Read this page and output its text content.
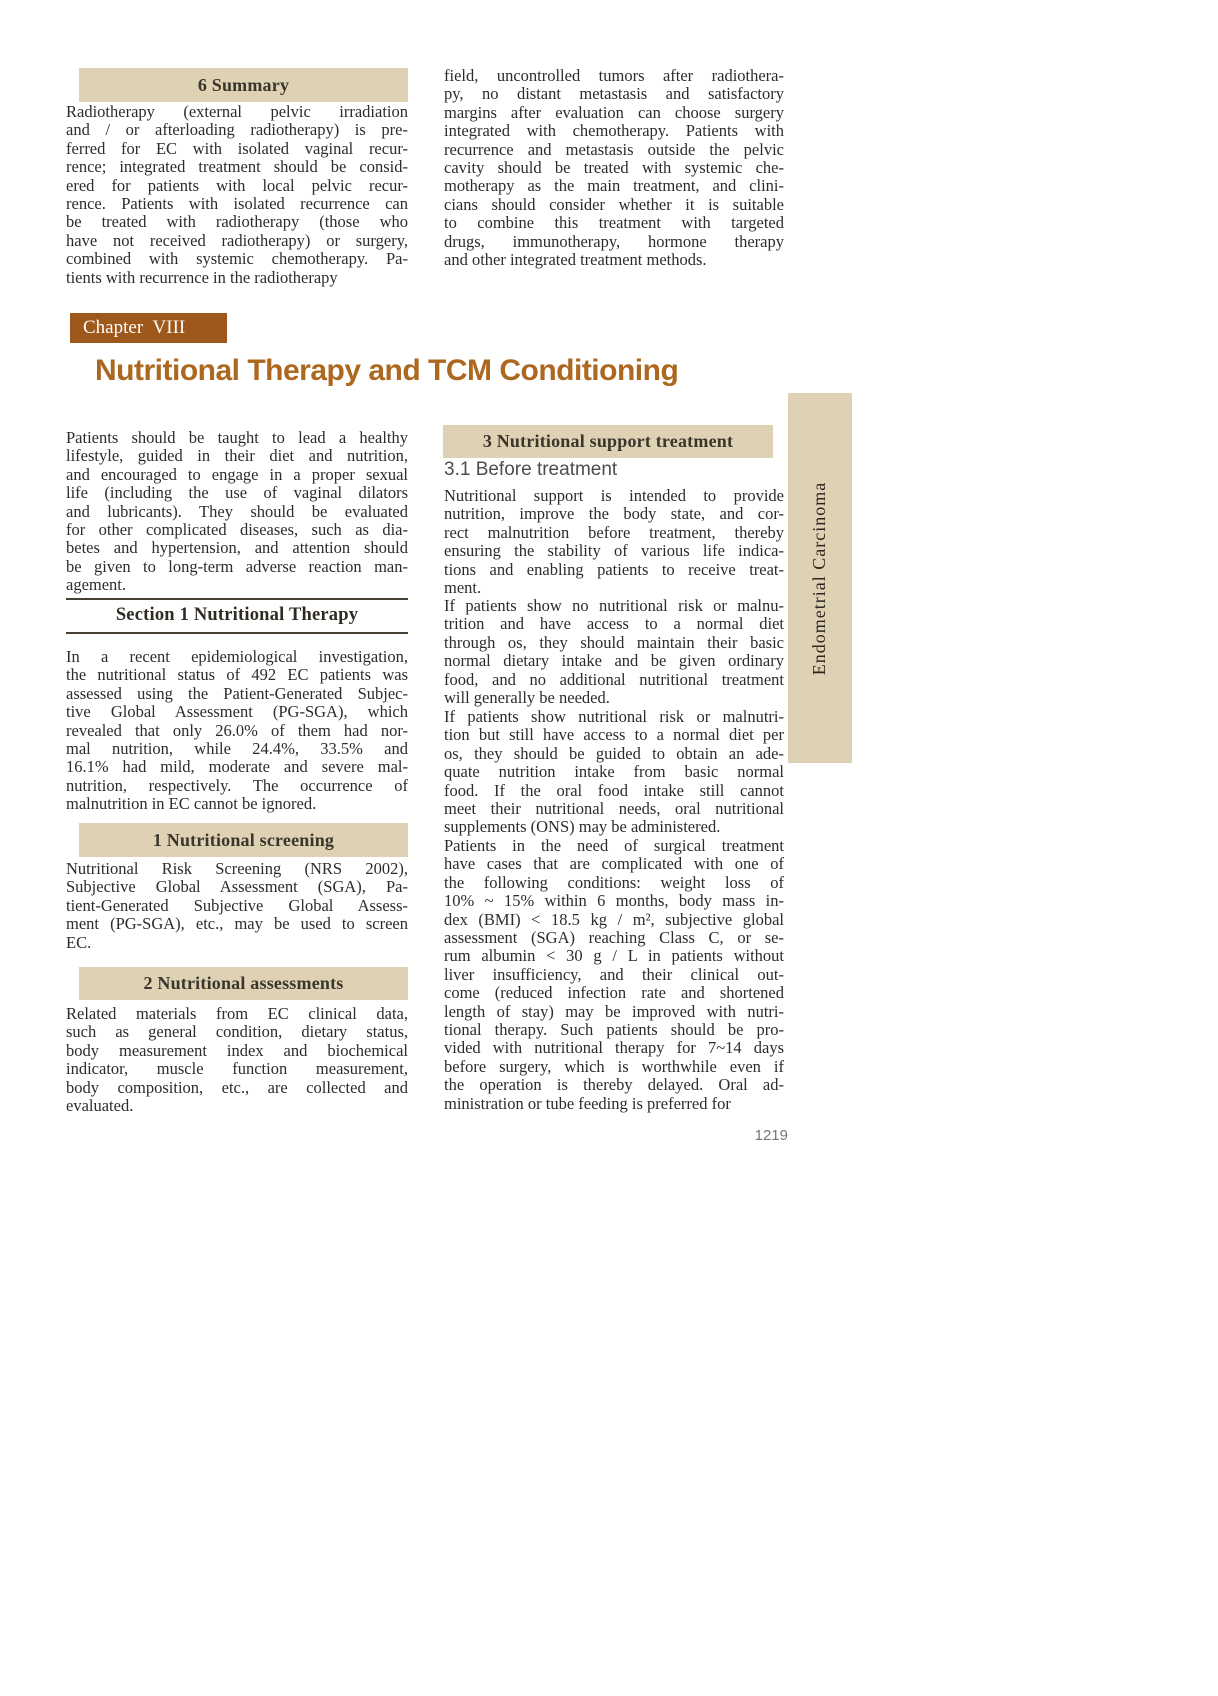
6 Summary
Radiotherapy (external pelvic irradiation
and / or afterloading radiotherapy) is pre-
ferred for EC with isolated vaginal recur-
rence; integrated treatment should be consid-
ered for patients with local pelvic recur-
rence. Patients with isolated recurrence can
be treated with radiotherapy (those who
have not received radiotherapy) or surgery,
combined with systemic chemotherapy. Pa-
tients with recurrence in the radiotherapy
field, uncontrolled tumors after radiothera-
py, no distant metastasis and satisfactory
margins after evaluation can choose surgery
integrated with chemotherapy. Patients with
recurrence and metastasis outside the pelvic
cavity should be treated with systemic che-
motherapy as the main treatment, and clini-
cians should consider whether it is suitable
to combine this treatment with targeted
drugs, immunotherapy, hormone therapy
and other integrated treatment methods.
Chapter VIII
Nutritional Therapy and TCM Conditioning
Patients should be taught to lead a healthy
lifestyle, guided in their diet and nutrition,
and encouraged to engage in a proper sexual
life (including the use of vaginal dilators
and lubricants). They should be evaluated
for other complicated diseases, such as dia-
betes and hypertension, and attention should
be given to long-term adverse reaction man-
agement.
Section 1 Nutritional Therapy
In a recent epidemiological investigation,
the nutritional status of 492 EC patients was
assessed using the Patient-Generated Subjec-
tive Global Assessment (PG-SGA), which
revealed that only 26.0% of them had nor-
mal nutrition, while 24.4%, 33.5% and
16.1% had mild, moderate and severe mal-
nutrition, respectively. The occurrence of
malnutrition in EC cannot be ignored.
1 Nutritional screening
Nutritional Risk Screening (NRS 2002),
Subjective Global Assessment (SGA), Pa-
tient-Generated Subjective Global Assess-
ment (PG-SGA), etc., may be used to screen
EC.
2 Nutritional assessments
Related materials from EC clinical data,
such as general condition, dietary status,
body measurement index and biochemical
indicator, muscle function measurement,
body composition, etc., are collected and
evaluated.
3 Nutritional support treatment
3.1 Before treatment
Nutritional support is intended to provide
nutrition, improve the body state, and cor-
rect malnutrition before treatment, thereby
ensuring the stability of various life indica-
tions and enabling patients to receive treat-
ment.
If patients show no nutritional risk or malnu-
trition and have access to a normal diet
through os, they should maintain their basic
normal dietary intake and be given ordinary
food, and no additional nutritional treatment
will generally be needed.
If patients show nutritional risk or malnutri-
tion but still have access to a normal diet per
os, they should be guided to obtain an ade-
quate nutrition intake from basic normal
food. If the oral food intake still cannot
meet their nutritional needs, oral nutritional
supplements (ONS) may be administered.
Patients in the need of surgical treatment
have cases that are complicated with one of
the following conditions: weight loss of
10% ~ 15% within 6 months, body mass in-
dex (BMI) < 18.5 kg / m², subjective global
assessment (SGA) reaching Class C, or se-
rum albumin < 30 g / L in patients without
liver insufficiency, and their clinical out-
come (reduced infection rate and shortened
length of stay) may be improved with nutri-
tional therapy. Such patients should be pro-
vided with nutritional therapy for 7~14 days
before surgery, which is worthwhile even if
the operation is thereby delayed. Oral ad-
ministration or tube feeding is preferred for
Endometrial Carcinoma
1219
